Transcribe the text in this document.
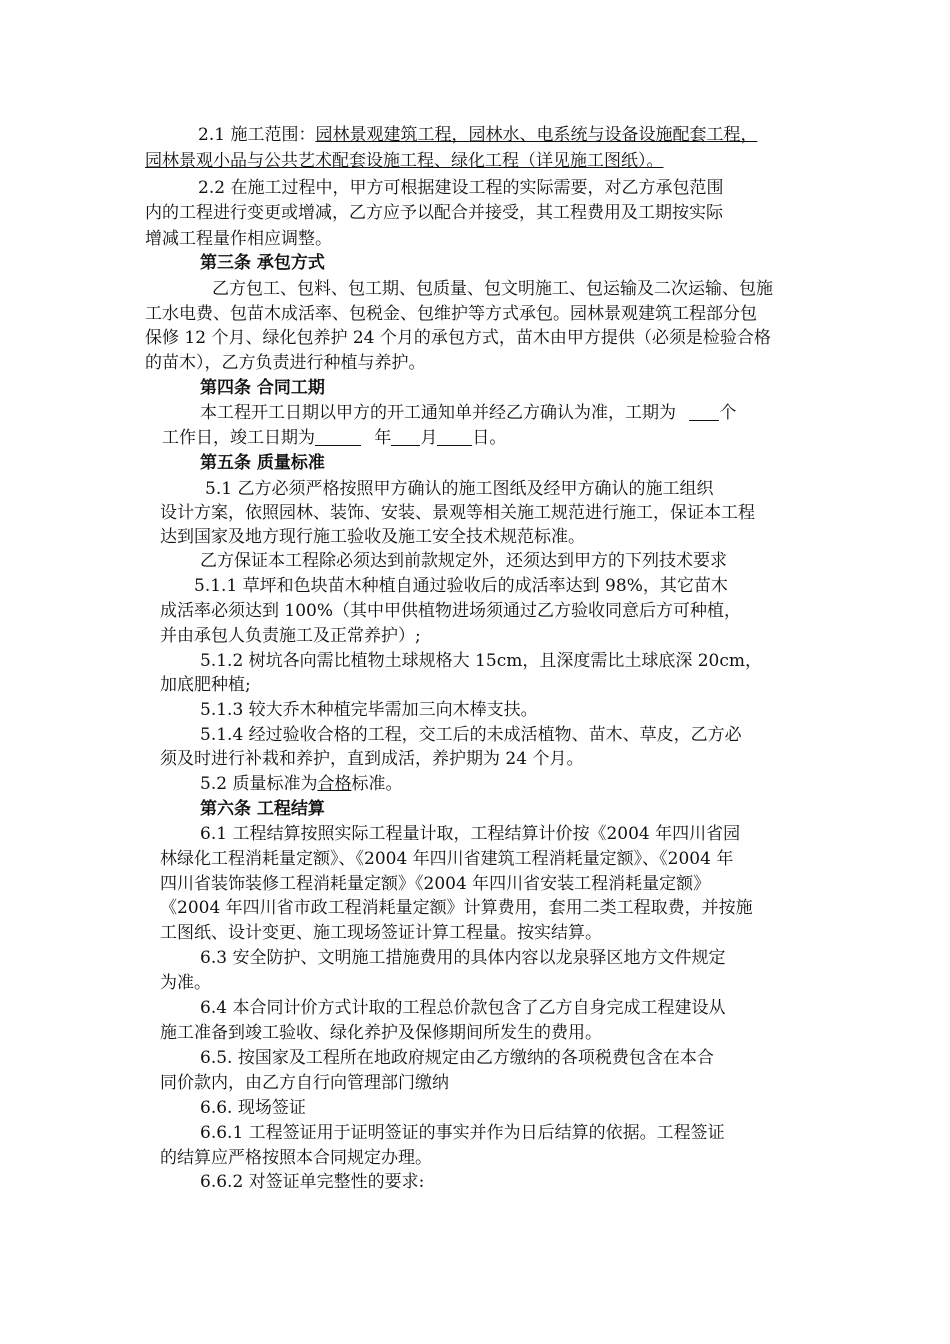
2.1 施工范围：园林景观建筑工程，园林水、电系统与设备设施配套工程，
园林景观小品与公共艺术配套设施工程、绿化工程（详见施工图纸）。
2.2 在施工过程中，甲方可根据建设工程的实际需要，对乙方承包范围
内的工程进行变更或增减，乙方应予以配合并接受，其工程费用及工期按实际
增减工程量作相应调整。
第三条 承包方式
乙方包工、包料、包工期、包质量、包文明施工、包运输及二次运输、包施
工水电费、包苗木成活率、包税金、包维护等方式承包。园林景观建筑工程部分包
保修 12 个月、绿化包养护 24 个月的承包方式，苗木由甲方提供（必须是检验合格
的苗木），乙方负责进行种植与养护。
第四条 合同工期
本工程开工日期以甲方的开工通知单并经乙方确认为准，工期为	个
工作日，竣工日期为	年 月 日。
第五条 质量标准
5.1 乙方必须严格按照甲方确认的施工图纸及经甲方确认的施工组织
设计方案，依照园林、装饰、安装、景观等相关施工规范进行施工，保证本工程
达到国家及地方现行施工验收及施工安全技术规范标准。
乙方保证本工程除必须达到前款规定外，还须达到甲方的下列技术要求
5.1.1 草坪和色块苗木种植自通过验收后的成活率达到 98%，其它苗木
成活率必须达到 100%（其中甲供植物进场须通过乙方验收同意后方可种植，
并由承包人负责施工及正常养护）;
5.1.2 树坑各向需比植物土球规格大 15cm，且深度需比土球底深 20cm，
加底肥种植;
5.1.3 较大乔木种植完毕需加三向木棒支扶。
5.1.4 经过验收合格的工程，交工后的未成活植物、苗木、草皮，乙方必
须及时进行补栽和养护，直到成活，养护期为 24 个月。
5.2 质量标准为合格标准。
第六条 工程结算
6.1 工程结算按照实际工程量计取，工程结算计价按《2004 年四川省园
林绿化工程消耗量定额》、《2004 年四川省建筑工程消耗量定额》、《2004 年
四川省装饰装修工程消耗量定额》《2004 年四川省安装工程消耗量定额》
《2004 年四川省市政工程消耗量定额》计算费用，套用二类工程取费，并按施
工图纸、设计变更、施工现场签证计算工程量。按实结算。
6.3 安全防护、文明施工措施费用的具体内容以龙泉驿区地方文件规定
为准。
6.4 本合同计价方式计取的工程总价款包含了乙方自身完成工程建设从
施工准备到竣工验收、绿化养护及保修期间所发生的费用。
6.5. 按国家及工程所在地政府规定由乙方缴纳的各项税费包含在本合
同价款内，由乙方自行向管理部门缴纳
6.6. 现场签证
6.6.1 工程签证用于证明签证的事实并作为日后结算的依据。工程签证
的结算应严格按照本合同规定办理。
6.6.2 对签证单完整性的要求:
